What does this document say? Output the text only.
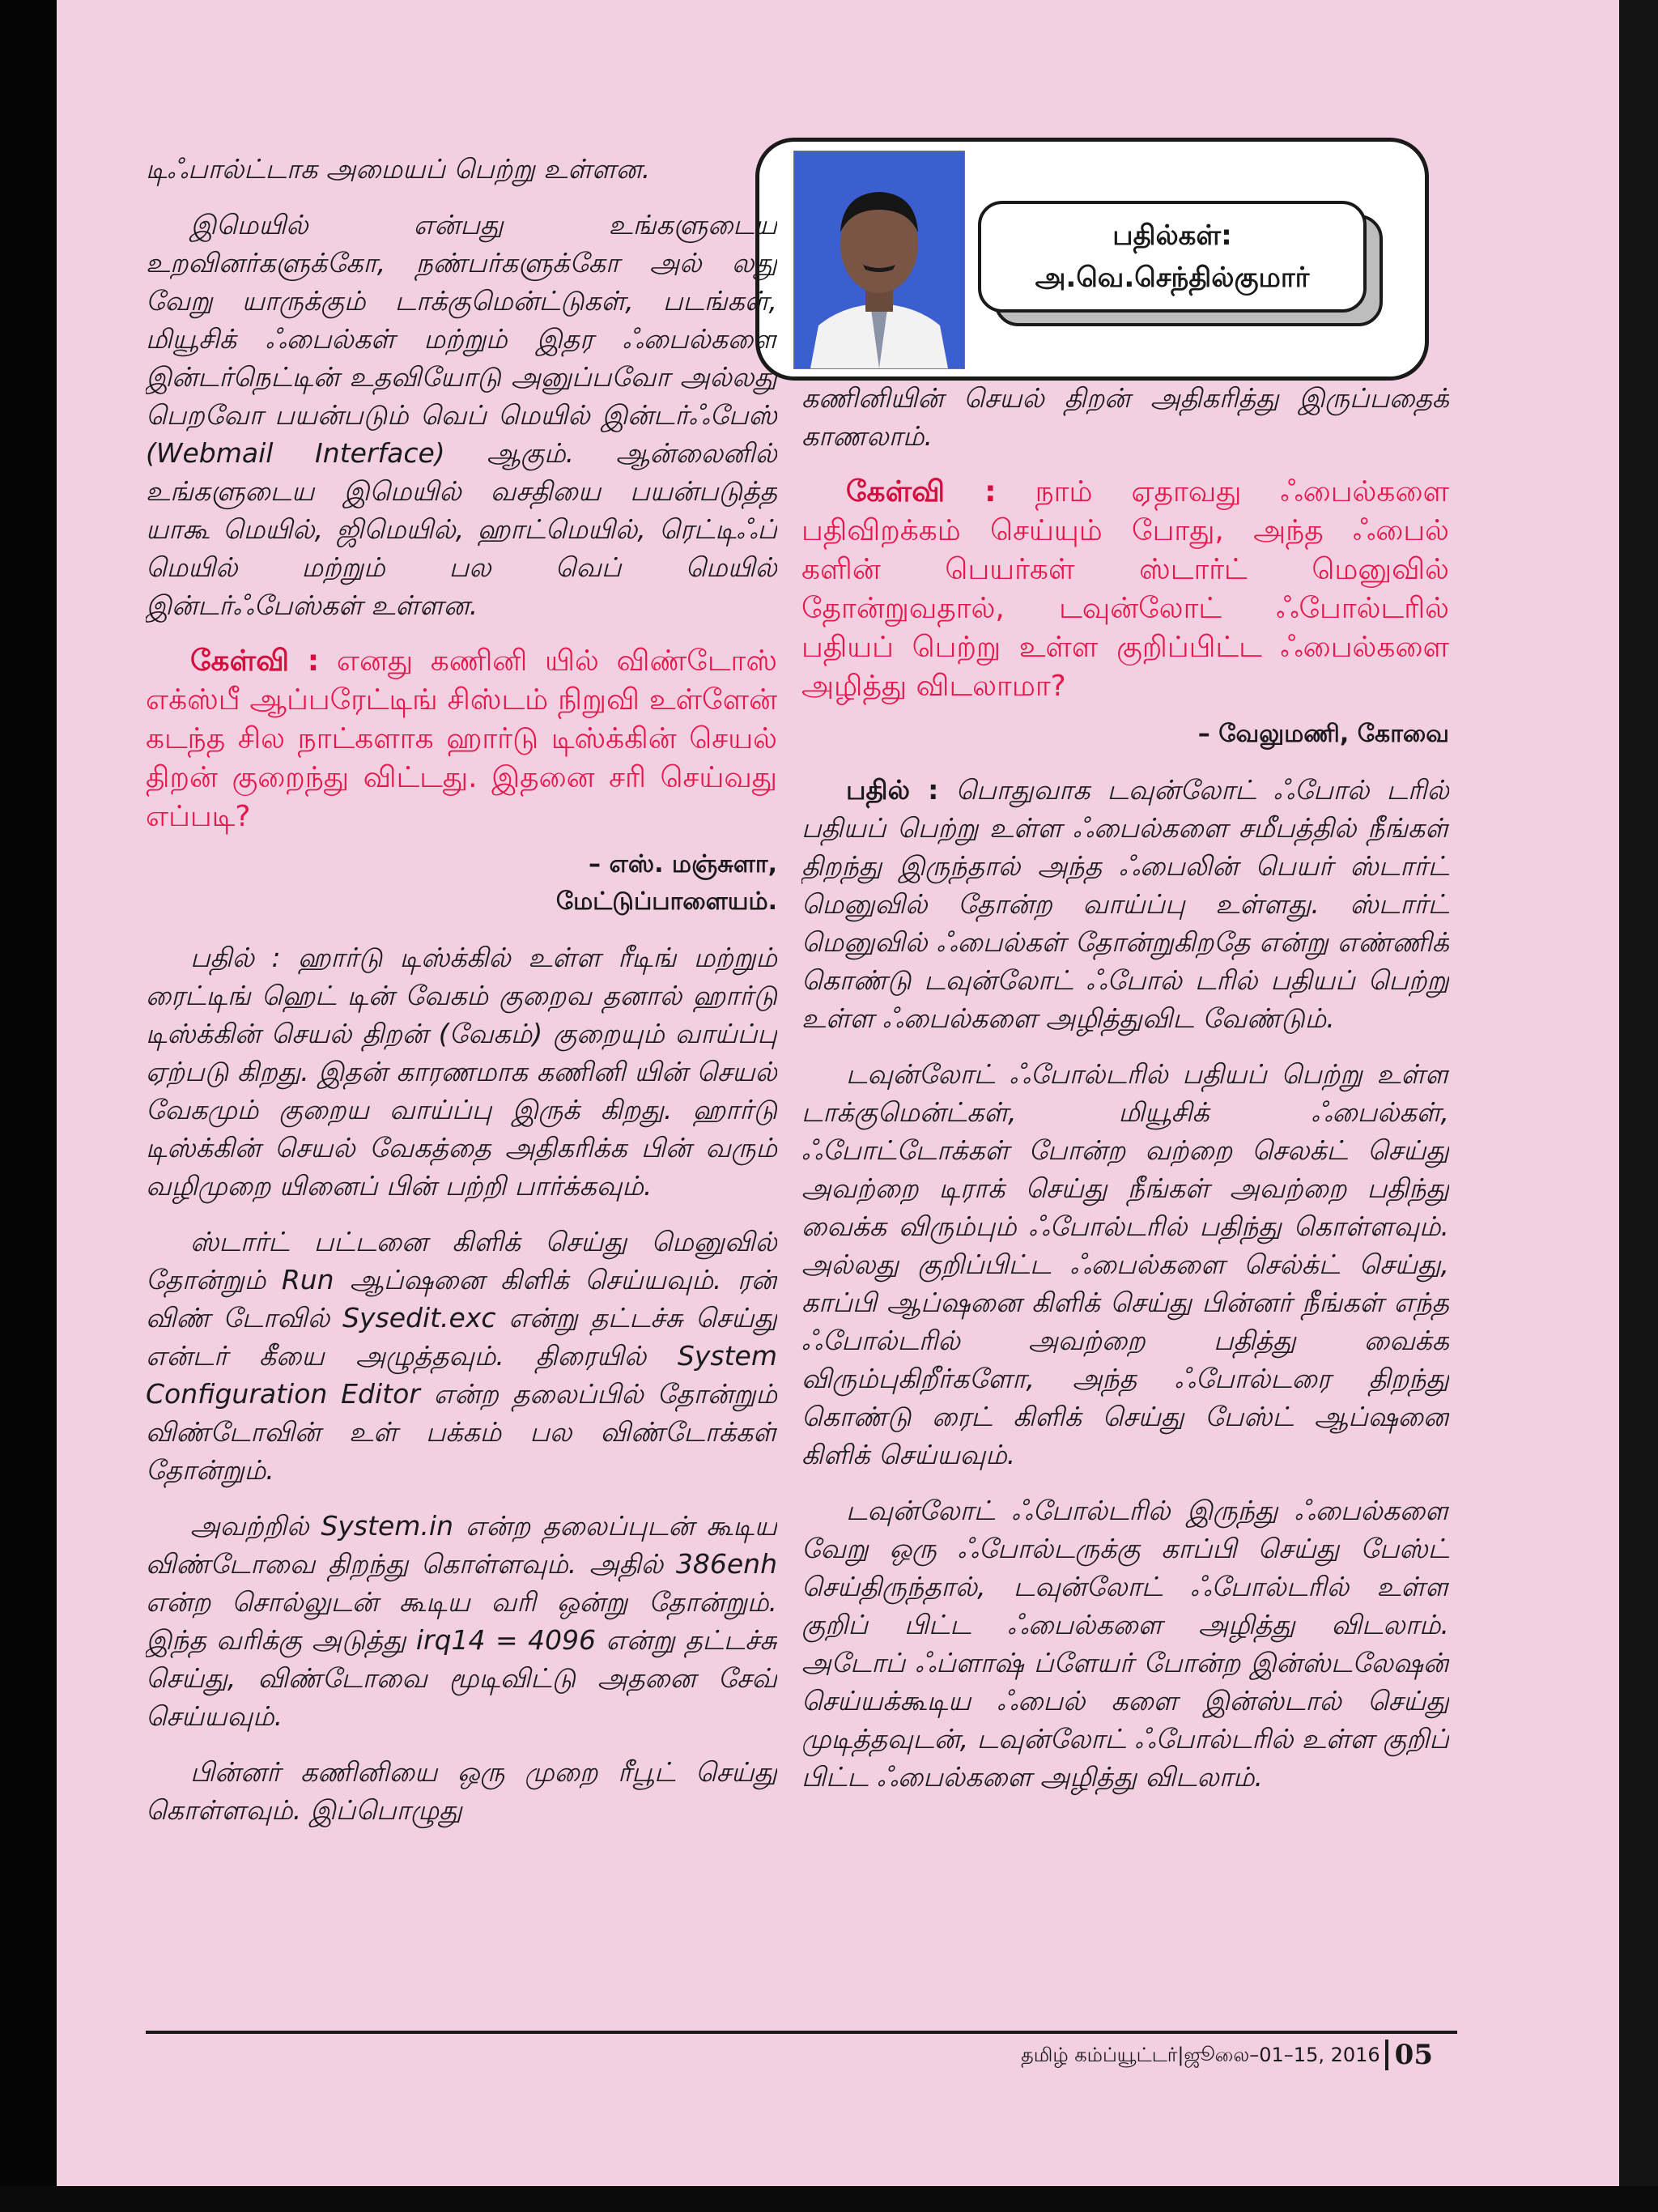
பதில்கள்:
அ.வெ.செந்தில்குமார்

டிஃபால்ட்டாக அமையப் பெற்று உள்ளன.

இமெயில் என்பது உங்களுடைய உறவினர்களுக்கோ, நண்பர்களுக்கோ அல் லது வேறு யாருக்கும் டாக்குமென்ட்டுகள், படங்கள், மியூசிக் ஃபைல்கள் மற்றும் இதர ஃபைல்களை இன்டர்நெட்டின் உதவியோடு அனுப்பவோ அல்லது பெறவோ பயன்படும் வெப் மெயில் இன்டர்ஃபேஸ் (Webmail Interface) ஆகும். ஆன்லைனில் உங்களுடைய இமெயில் வசதியை பயன்படுத்த யாகூ மெயில், ஜிமெயில், ஹாட்மெயில், ரெட்டிஃப் மெயில் மற்றும் பல வெப் மெயில் இன்டர்ஃபேஸ்கள் உள்ளன.

கேள்வி : எனது கணினி யில் விண்டோஸ் எக்ஸ்பீ ஆப்பரேட்டிங் சிஸ்டம் நிறுவி உள்ளேன் கடந்த சில நாட்களாக ஹார்டு டிஸ்க்கின் செயல் திறன் குறைந்து விட்டது. இதனை சரி செய்வது எப்படி?

– எஸ். மஞ்சுளா,
மேட்டுப்பாளையம்.

பதில் : ஹார்டு டிஸ்க்கில் உள்ள ரீடிங் மற்றும் ரைட்டிங் ஹெட் டின் வேகம் குறைவ தனால் ஹார்டு டிஸ்க்கின் செயல் திறன் (வேகம்) குறையும் வாய்ப்பு ஏற்படு கிறது. இதன் காரணமாக கணினி யின் செயல் வேகமும் குறைய வாய்ப்பு இருக் கிறது. ஹார்டு டிஸ்க்கின் செயல் வேகத்தை அதிகரிக்க பின் வரும் வழிமுறை யினைப் பின் பற்றி பார்க்கவும்.

ஸ்டார்ட் பட்டனை கிளிக் செய்து மெனுவில் தோன்றும் Run ஆப்ஷனை கிளிக் செய்யவும். ரன் விண் டோவில் Sysedit.exc என்று தட்டச்சு செய்து என்டர் கீயை அழுத்தவும். திரையில் System Configuration Editor என்ற தலைப்பில் தோன்றும் விண்டோவின் உள் பக்கம் பல விண்டோக்கள் தோன்றும்.

அவற்றில் System.in என்ற தலைப்புடன் கூடிய விண்டோவை திறந்து கொள்ளவும். அதில் 386enh என்ற சொல்லுடன் கூடிய வரி ஒன்று தோன்றும். இந்த வரிக்கு அடுத்து irq14 = 4096 என்று தட்டச்சு செய்து, விண்டோவை மூடிவிட்டு அதனை சேவ் செய்யவும்.

பின்னர் கணினியை ஒரு முறை ரீபூட் செய்து கொள்ளவும். இப்பொழுது

கணினியின் செயல் திறன் அதிகரித்து இருப்பதைக் காணலாம்.

கேள்வி : நாம் ஏதாவது ஃபைல்களை பதிவிறக்கம் செய்யும் போது, அந்த ஃபைல் களின் பெயர்கள் ஸ்டார்ட் மெனுவில் தோன்றுவதால், டவுன்லோட் ஃபோல்டரில் பதியப் பெற்று உள்ள குறிப்பிட்ட ஃபைல்களை அழித்து விடலாமா?

– வேலுமணி, கோவை

பதில் : பொதுவாக டவுன்லோட் ஃபோல் டரில் பதியப் பெற்று உள்ள ஃபைல்களை சமீபத்தில் நீங்கள் திறந்து இருந்தால் அந்த ஃபைலின் பெயர் ஸ்டார்ட் மெனுவில் தோன்ற வாய்ப்பு உள்ளது. ஸ்டார்ட் மெனுவில் ஃபைல்கள் தோன்றுகிறதே என்று எண்ணிக் கொண்டு டவுன்லோட் ஃபோல் டரில் பதியப் பெற்று உள்ள ஃபைல்களை அழித்துவிட வேண்டும்.

டவுன்லோட் ஃபோல்டரில் பதியப் பெற்று உள்ள டாக்குமென்ட்கள், மியூசிக் ஃபைல்கள், ஃபோட்டோக்கள் போன்ற வற்றை செலக்ட் செய்து அவற்றை டிராக் செய்து நீங்கள் அவற்றை பதிந்து வைக்க விரும்பும் ஃபோல்டரில் பதிந்து கொள்ளவும். அல்லது குறிப்பிட்ட ஃபைல்களை செல்க்ட் செய்து, காப்பி ஆப்ஷனை கிளிக் செய்து பின்னர் நீங்கள் எந்த ஃபோல்டரில் அவற்றை பதித்து வைக்க விரும்புகிறீர்களோ, அந்த ஃபோல்டரை திறந்து கொண்டு ரைட் கிளிக் செய்து பேஸ்ட் ஆப்ஷனை கிளிக் செய்யவும்.

டவுன்லோட் ஃபோல்டரில் இருந்து ஃபைல்களை வேறு ஒரு ஃபோல்டருக்கு காப்பி செய்து பேஸ்ட் செய்திருந்தால், டவுன்லோட் ஃபோல்டரில் உள்ள குறிப் பிட்ட ஃபைல்களை அழித்து விடலாம். அடோப் ஃப்ளாஷ் ப்ளேயர் போன்ற இன்ஸ்டலேஷன் செய்யக்கூடிய ஃபைல் களை இன்ஸ்டால் செய்து முடித்தவுடன், டவுன்லோட் ஃபோல்டரில் உள்ள குறிப் பிட்ட ஃபைல்களை அழித்து விடலாம்.

தமிழ் கம்ப்யூட்டர்|ஜூலை–01–15, 2016 05
